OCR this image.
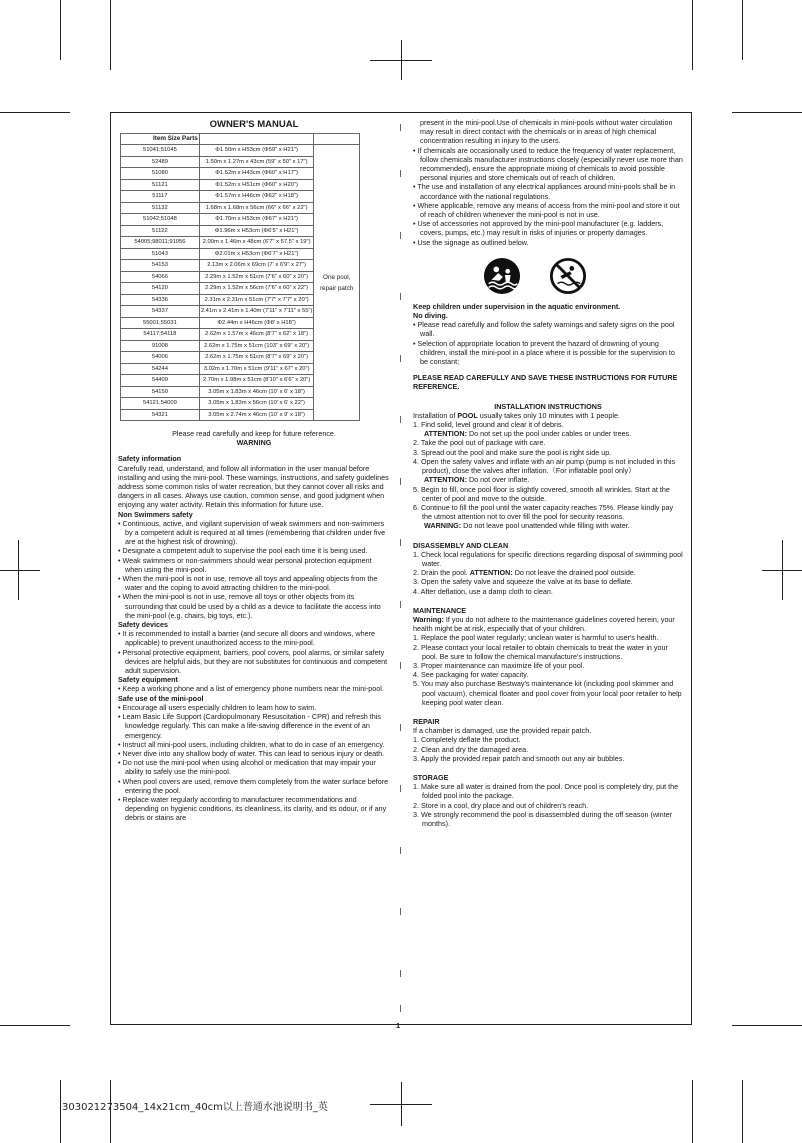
OWNER'S MANUAL
Item Size Parts		
51041;51045	Φ1.50m x H53cm (Φ59" x H21")	One pool, repair patch
52489	1.50m x 1.27m x 43cm (59" x 50" x 17")	
51080	Φ1.52m x H43cm (Φ60" x H17")	
51121	Φ1.52m x H51cm (Φ60" x H20")	
51117	Φ1.57m x H46cm (Φ62" x H18")	
51132	1.68m x 1.68m x 56cm (66" x 66" x 22")	
51042;51048	Φ1.70m x H53cm (Φ67" x H21")	
51122	Φ1.96m x H53cm (Φ6'5" x H21")	
54005;98011;91056	2.00m x 1.46m x 48cm (6'7" x 57.5" x 19")	
51043	Φ2.01m x H53cm (Φ6'7" x H21")	
54153	2.13m x 2.06m x 69cm (7' x 6'9" x 27")	
54066	2.29m x 1.52m x 51cm (7'6" x 60" x 20")	
54120	2.29m x 1.52m x 56cm (7'6" x 60" x 22")	
54336	2.31m x 2.31m x 51cm (7'7" x 7'7" x 20")	
54337	2.41m x 2.41m x 1.40m (7'11" x 7'11" x 55")	
55001;55031	Φ2.44m x H46cm (Φ8' x H18")	
54117;54118	2.62m x 1.57m x 46cm (8'7" x 62" x 18")	
91008	2.62m x 1.75m x 51cm (103" x 69" x 20")	
54006	2.62m x 1.75m x 51cm (8'7" x 69" x 20")	
54244	3.02m x 1.70m x 51cm (9'11" x 67" x 20")	
54409	2.70m x 1.98m x 51cm (8'10" x 6'6" x 20")	
54150	3.05m x 1.83m x 46cm (10' x 6' x 18")	
54121;54009	3.05m x 1.83m x 56cm (10' x 6' x 22")	
54321	3.05m x 2.74m x 46cm (10' x 9' x 18")	

Please read carefully and keep for future reference.

WARNING

Safety information

Carefully read, understand, and follow all information in the user manual before installing and using the mini-pool. These warnings, instructions, and safety guidelines address some common risks of water recreation, but they cannot cover all risks and dangers in all cases. Always use caution, common sense, and good judgment when enjoying any water activity. Retain this information for future use.

Non Swimmers safety

• Continuous, active, and vigilant supervision of weak swimmers and non-swimmers by a competent adult is required at all times (remembering that children under five are at the highest risk of drowning).
• Designate a competent adult to supervise the pool each time it is being used.
• Weak swimmers or non-swimmers should wear personal protection equipment when using the mini-pool.
• When the mini-pool is not in use, remove all toys and appealing objects from the water and the coping to avoid attracting children to the mini-pool.
• When the mini-pool is not in use, remove all toys or other objects from its surrounding that could be used by a child as a device to facilitate the access into the mini-pool (e.g. chairs, big toys, etc.).

Safety devices

• It is recommended to install a barrier (and secure all doors and windows, where applicable) to prevent unauthorized access to the mini-pool.
• Personal protective equipment, barriers, pool covers, pool alarms, or similar safety devices are helpful aids, but they are not substitutes for continuous and competent adult supervision.

Safety equipment

• Keep a working phone and a list of emergency phone numbers near the mini-pool.

Safe use of the mini-pool

• Encourage all users especially children to learn how to swim.
• Learn Basic Life Support (Cardiopulmonary Resuscitation - CPR) and refresh this knowledge regularly. This can make a life-saving difference in the event of an emergency.
• Instruct all mini-pool users, including children, what to do in case of an emergency.
• Never dive into any shallow body of water. This can lead to serious injury or death.
• Do not use the mini-pool when using alcohol or medication that may impair your ability to safely use the mini-pool.
• When pool covers are used, remove them completely from the water surface before entering the pool.
• Replace water regularly according to manufacturer recommendations and depending on hygienic conditions, its cleanliness, its clarity, and its odour, or if any debris or stains are

present in the mini-pool.Use of chemicals in mini-pools without water circulation may result in direct contact with the chemicals or in areas of high chemical concentration resulting in injury to the users.

• If chemicals are occasionally used to reduce the frequency of water replacement, follow chemicals manufacturer instructions closely (especially never use more than recommended), ensure the appropriate mixing of chemicals to avoid possible personal injuries and store chemicals out of reach of children.
• The use and installation of any electrical appliances around mini-pools shall be in accordance with the national regulations.
• Where applicable, remove any means of access from the mini-pool and store it out of reach of children whenever the mini-pool is not in use.
• Use of accessories not approved by the mini-pool manufacturer (e.g. ladders, covers, pumps, etc.) may result in risks of injuries or property damages.
• Use the signage as outlined below.

Keep children under supervision in the aquatic environment.

No diving.

• Please read carefully and follow the safety warnings and safety signs on the pool wall.
• Selection of appropriate location to prevent the hazard of drowning of young children, install the mini-pool in a place where it is possible for the supervision to be constant;

PLEASE READ CAREFULLY AND SAVE THESE INSTRUCTIONS FOR FUTURE REFERENCE.

INSTALLATION INSTRUCTIONS

Installation of POOL usually takes only 10 minutes with 1 people.

1. Find solid, level ground and clear it of debris.
ATTENTION: Do not set up the pool under cables or under trees.
2. Take the pool out of package with care.
3. Spread out the pool and make sure the pool is right side up.
4. Open the safety valves and inflate with an air pump (pump is not included in this product), close the valves after inflation.（For inflatable pool only）
ATTENTION: Do not over inflate.
5. Begin to fill, once pool floor is slightly covered, smooth all wrinkles. Start at the center of pool and move to the outside.
6. Continue to fill the pool until the water capacity reaches 75%. Please kindly pay the utmost attention not to over fill the pool for security reasons.
WARNING: Do not leave pool unattended while filling with water.

DISASSEMBLY AND CLEAN

1. Check local regulations for specific directions regarding disposal of swimming pool water.
2. Drain the pool. ATTENTION: Do not leave the drained pool outside.
3. Open the safety valve and squeeze the valve at its base to deflate.
4. After deflation, use a damp cloth to clean.

MAINTENANCE

Warning: If you do not adhere to the maintenance guidelines covered herein, your health might be at risk, especially that of your children.

1. Replace the pool water regularly; unclean water is harmful to user's health.
2. Please contact your local retailer to obtain chemicals to treat the water in your pool. Be sure to follow the chemical manufacture's instructions.
3. Proper maintenance can maximize life of your pool.
4. See packaging for water capacity.
5. You may also purchase Bestway's maintenance kit (including pool skimmer and pool vacuum), chemical floater and pool cover from your local poor retailer to help keeping pool water clean.

REPAIR

If a chamber is damaged, use the provided repair patch.

1. Completely deflate the product.
2. Clean and dry the damaged area.
3. Apply the provided repair patch and smooth out any air bubbles.

STORAGE

1. Make sure all water is drained from the pool. Once pool is completely dry, put the folded pool into the package.
2. Store in a cool, dry place and out of children's reach.
3. We strongly recommend the pool is disassembled during the off season (winter months).
1
303021273504_14x21cm_40cm以上普通水池说明书_英
